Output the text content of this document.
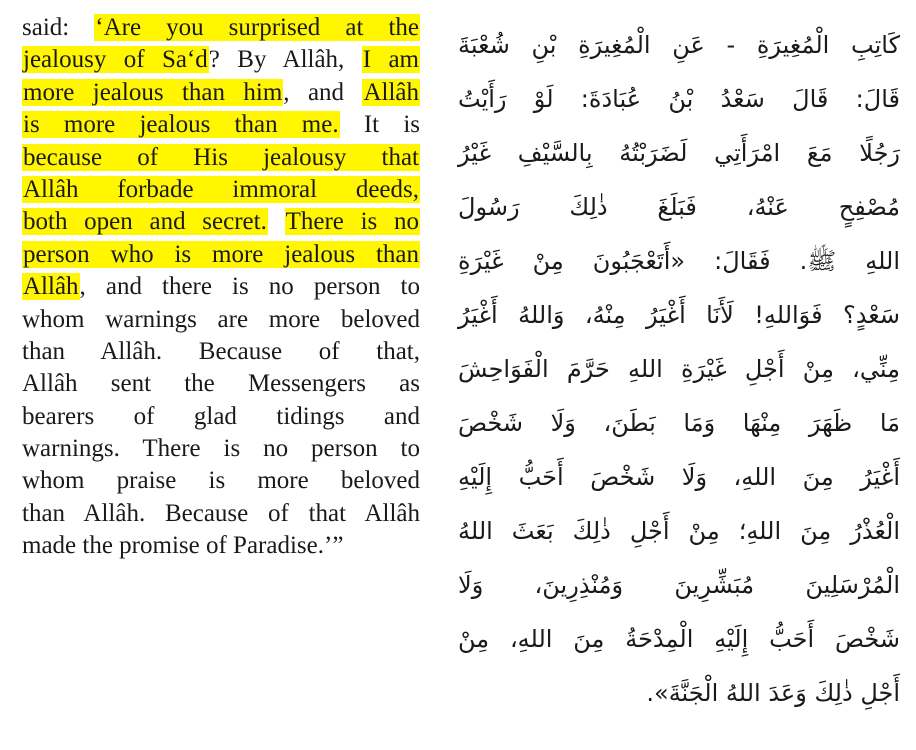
said: ‘Are you surprised at the
jealousy of Sa‘d? By Allâh, I am
more jealous than him, and Allâh
is more jealous than me. It is
because of His jealousy that
Allâh forbade immoral deeds,
both open and secret. There is no
person who is more jealous than
Allâh, and there is no person to
whom warnings are more beloved
than Allâh. Because of that,
Allâh sent the Messengers as
bearers of glad tidings and
warnings. There is no person to
whom praise is more beloved
than Allâh. Because of that Allâh
made the promise of Paradise.’”
كَاتِبِ الْمُغِيرَةِ - عَنِ الْمُغِيرَةِ بْنِ شُعْبَةَ
قَالَ: قَالَ سَعْدُ بْنُ عُبَادَةَ: لَوْ رَأَيْتُ
رَجُلًا مَعَ امْرَأَتِي لَضَرَبْتُهُ بِالسَّيْفِ غَيْرُ
مُصْفِحٍ عَنْهُ، فَبَلَغَ ذٰلِكَ رَسُولَ
اللهِ ﷺ. فَقَالَ: «أَتَعْجَبُونَ مِنْ غَيْرَةِ
سَعْدٍ؟ فَوَاللهِ! لَأَنَا أَغْيَرُ مِنْهُ، وَاللهُ أَغْيَرُ
مِنِّي، مِنْ أَجْلِ غَيْرَةِ اللهِ حَرَّمَ الْفَوَاحِشَ
مَا ظَهَرَ مِنْهَا وَمَا بَطَنَ، وَلَا شَخْصَ
أَغْيَرُ مِنَ اللهِ، وَلَا شَخْصَ أَحَبُّ إِلَيْهِ
الْعُذْرُ مِنَ اللهِ؛ مِنْ أَجْلِ ذٰلِكَ بَعَثَ اللهُ
الْمُرْسَلِينَ مُبَشِّرِينَ وَمُنْذِرِينَ، وَلَا
شَخْصَ أَحَبُّ إِلَيْهِ الْمِدْحَةُ مِنَ اللهِ، مِنْ
أَجْلِ ذٰلِكَ وَعَدَ اللهُ الْجَنَّةَ».
